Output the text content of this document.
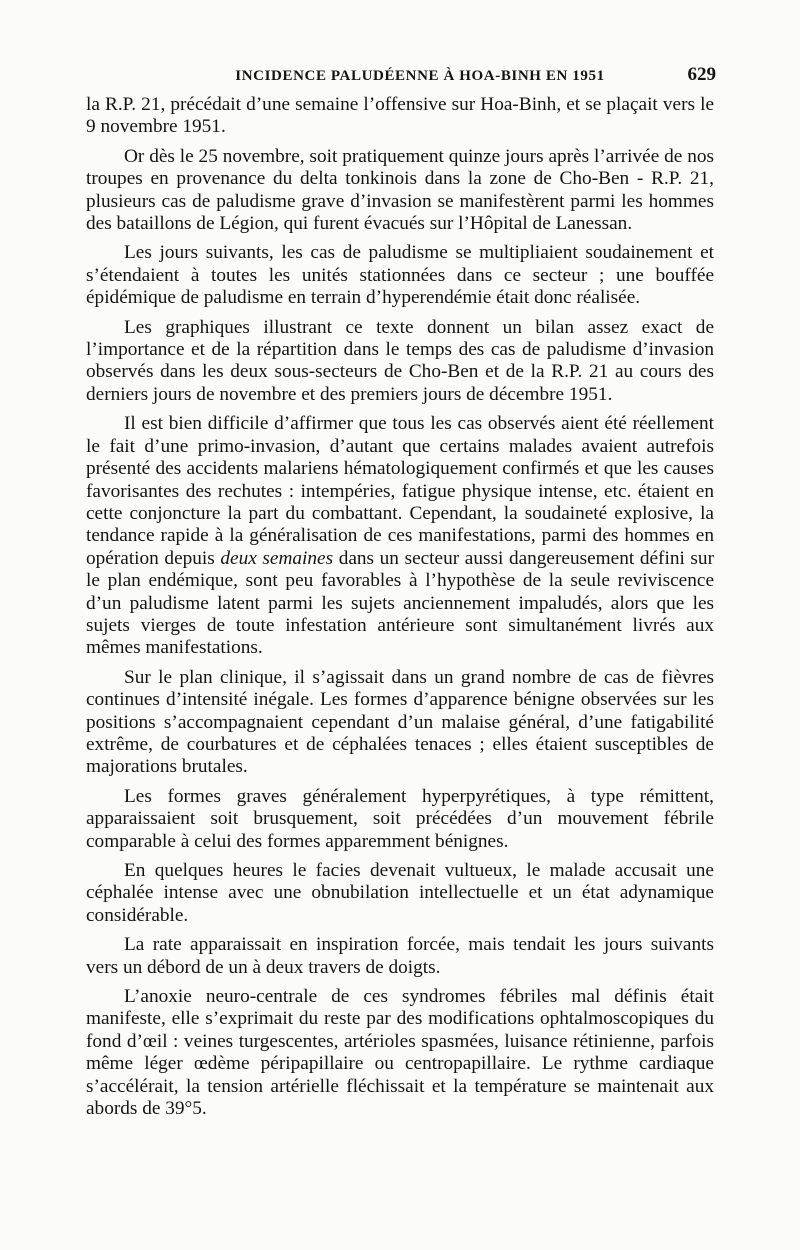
INCIDENCE PALUDÉENNE À HOA-BINH EN 1951	629

la R.P. 21, précédait d’une semaine l’offensive sur Hoa-Binh, et se plaçait vers le 9 novembre 1951.

Or dès le 25 novembre, soit pratiquement quinze jours après l’arrivée de nos troupes en provenance du delta tonkinois dans la zone de Cho-Ben - R.P. 21, plusieurs cas de paludisme grave d’invasion se manifestèrent parmi les hommes des bataillons de Légion, qui furent évacués sur l’Hôpital de Lanessan.

Les jours suivants, les cas de paludisme se multipliaient soudainement et s’étendaient à toutes les unités stationnées dans ce secteur ; une bouffée épidémique de paludisme en terrain d’hyperendémie était donc réalisée.

Les graphiques illustrant ce texte donnent un bilan assez exact de l’importance et de la répartition dans le temps des cas de paludisme d’invasion observés dans les deux sous-secteurs de Cho-Ben et de la R.P. 21 au cours des derniers jours de novembre et des premiers jours de décembre 1951.

Il est bien difficile d’affirmer que tous les cas observés aient été réellement le fait d’une primo-invasion, d’autant que certains malades avaient autrefois présenté des accidents malariens hématologiquement confirmés et que les causes favorisantes des rechutes : intempéries, fatigue physique intense, etc. étaient en cette conjoncture la part du combattant. Cependant, la soudaineté explosive, la tendance rapide à la généralisation de ces manifestations, parmi des hommes en opération depuis deux semaines dans un secteur aussi dangereusement défini sur le plan endémique, sont peu favorables à l’hypothèse de la seule reviviscence d’un paludisme latent parmi les sujets anciennement impaludés, alors que les sujets vierges de toute infestation antérieure sont simultanément livrés aux mêmes manifestations.

Sur le plan clinique, il s’agissait dans un grand nombre de cas de fièvres continues d’intensité inégale. Les formes d’apparence bénigne observées sur les positions s’accompagnaient cependant d’un malaise général, d’une fatigabilité extrême, de courbatures et de céphalées tenaces ; elles étaient susceptibles de majorations brutales.

Les formes graves généralement hyperpyrétiques, à type rémittent, apparaissaient soit brusquement, soit précédées d’un mouvement fébrile comparable à celui des formes apparemment bénignes.

En quelques heures le facies devenait vultueux, le malade accusait une céphalée intense avec une obnubilation intellectuelle et un état adynamique considérable.

La rate apparaissait en inspiration forcée, mais tendait les jours suivants vers un débord de un à deux travers de doigts.

L’anoxie neuro-centrale de ces syndromes fébriles mal définis était manifeste, elle s’exprimait du reste par des modifications ophtalmoscopiques du fond d’œil : veines turgescentes, artérioles spasmées, luisance rétinienne, parfois même léger œdème péripapillaire ou centropapillaire. Le rythme cardiaque s’accélérait, la tension artérielle fléchissait et la température se maintenait aux abords de 39°5.
